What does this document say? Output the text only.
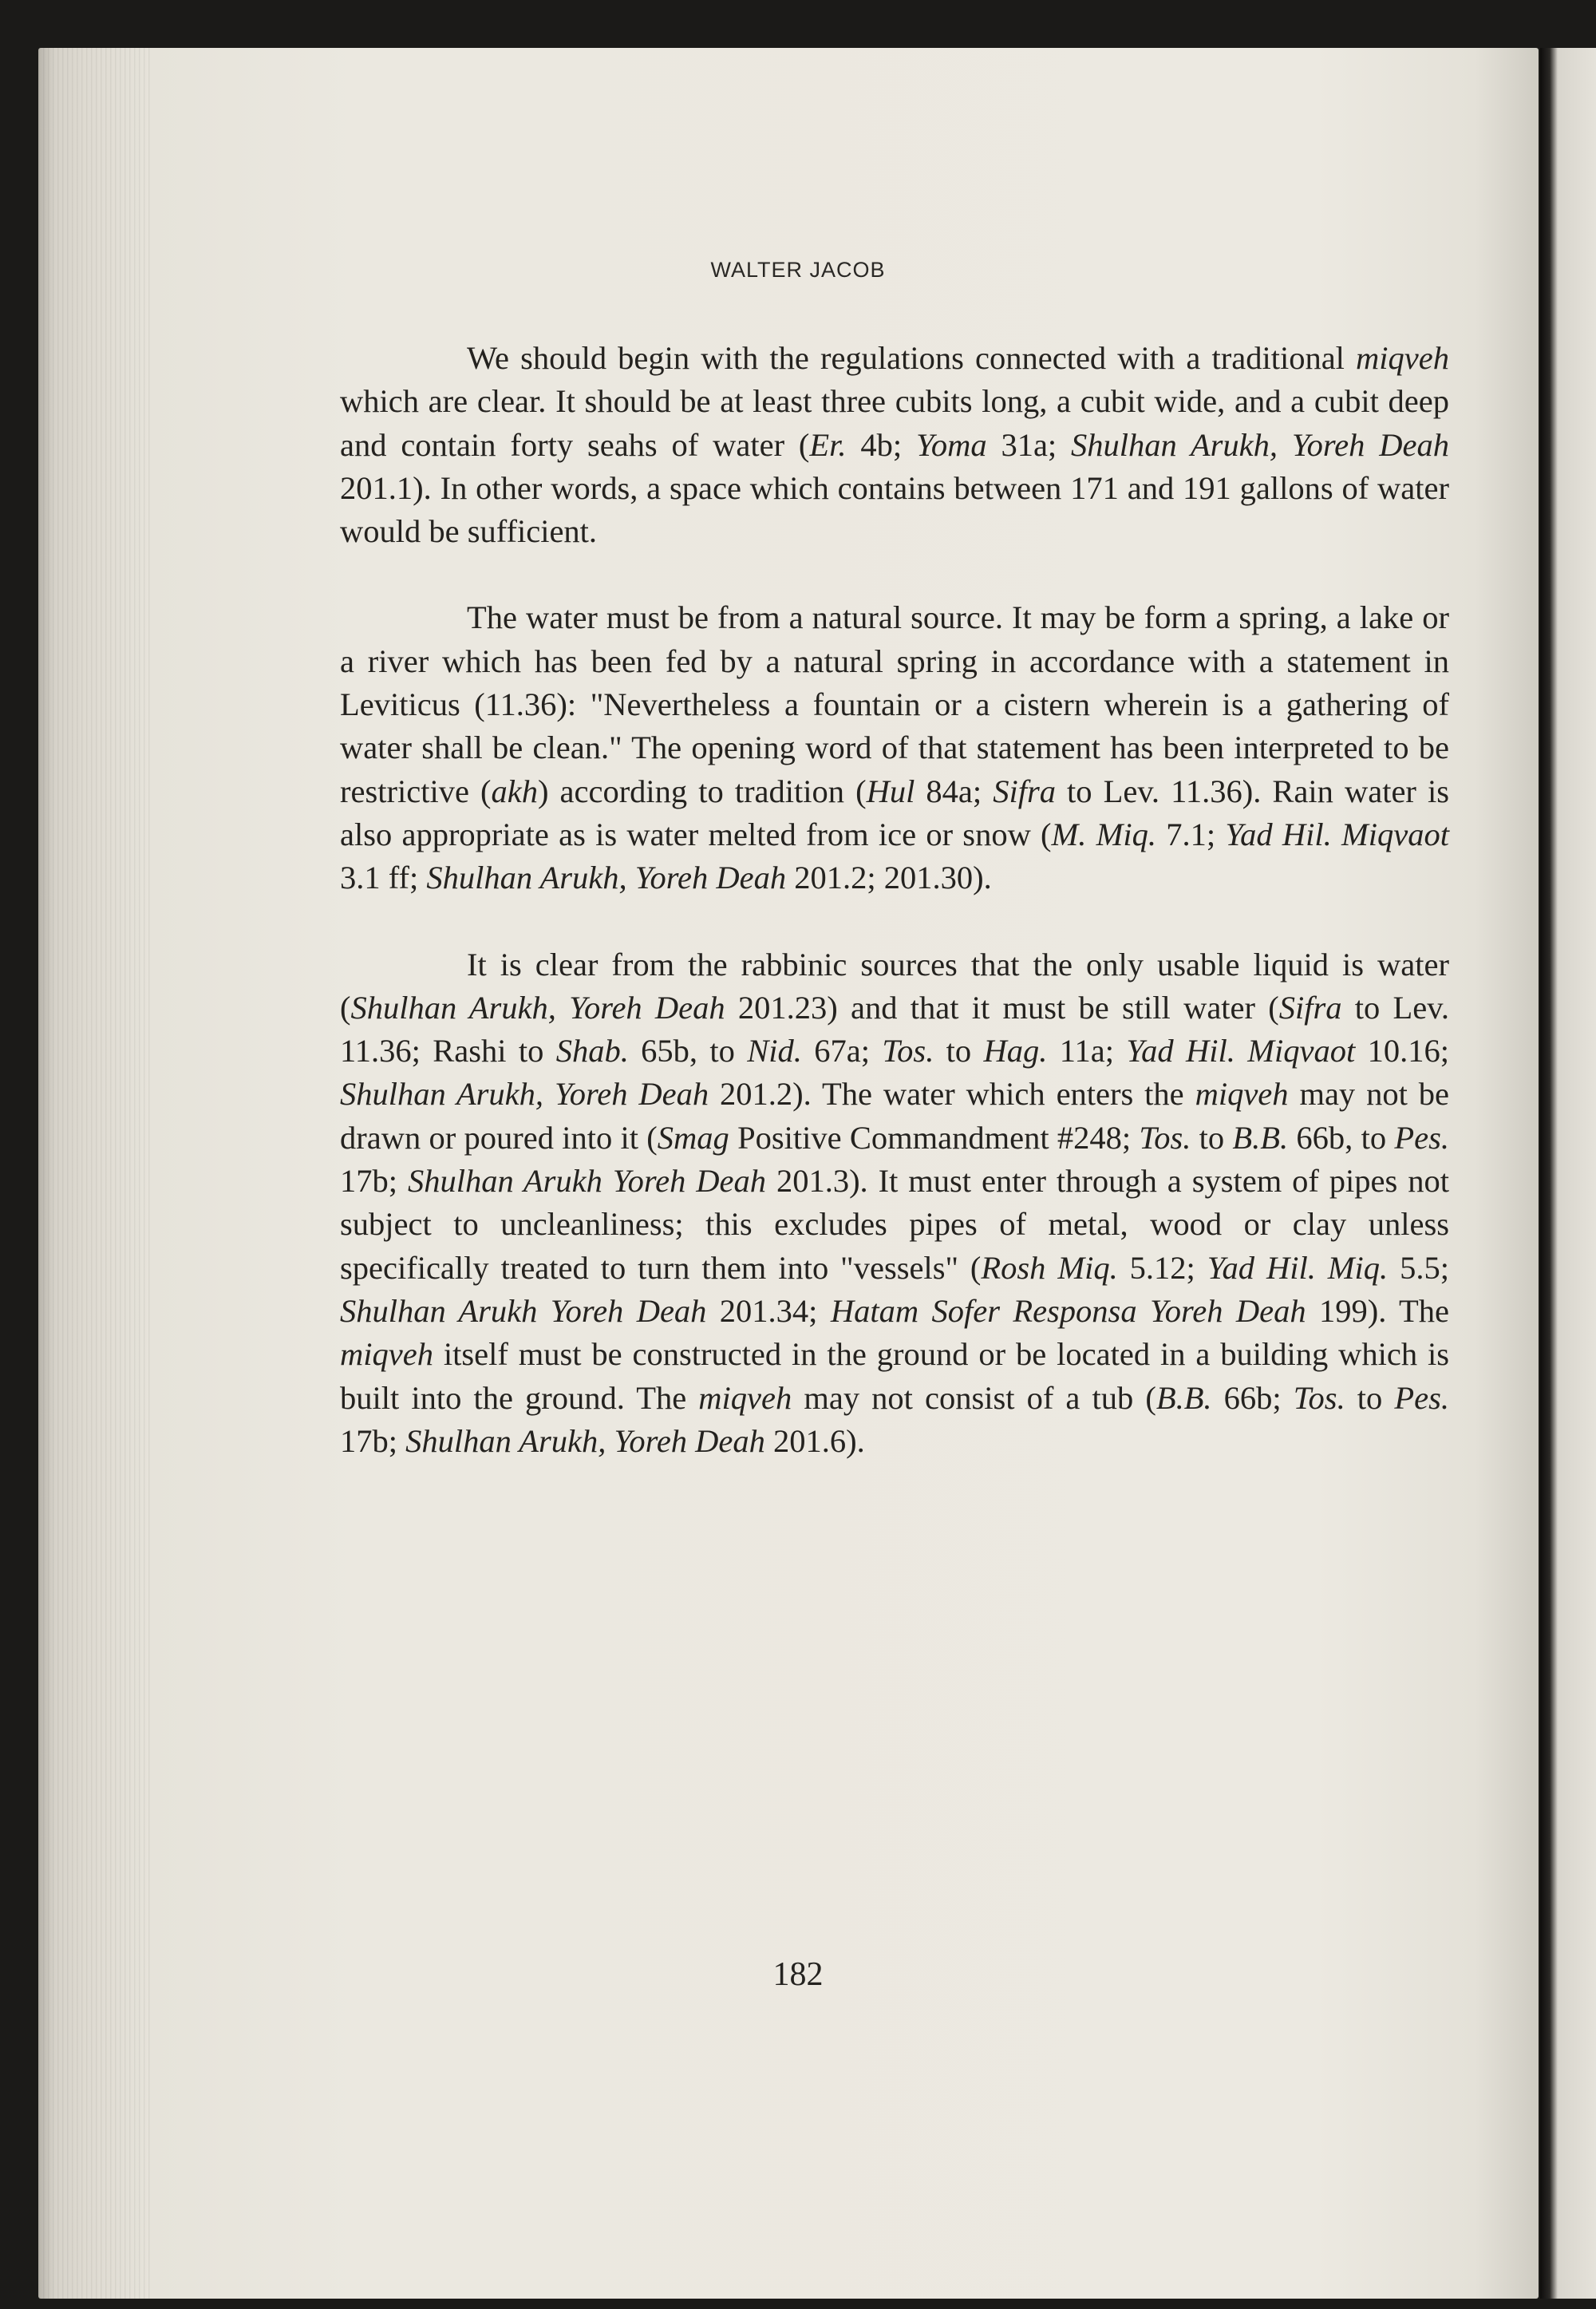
WALTER JACOB

We should begin with the regulations connected with a traditional miqveh which are clear. It should be at least three cubits long, a cubit wide, and a cubit deep and contain forty seahs of water (Er. 4b; Yoma 31a; Shulhan Arukh, Yoreh Deah 201.1). In other words, a space which contains between 171 and 191 gallons of water would be sufficient.

The water must be from a natural source. It may be form a spring, a lake or a river which has been fed by a natural spring in accordance with a statement in Leviticus (11.36): "Nevertheless a fountain or a cistern wherein is a gathering of water shall be clean." The opening word of that statement has been interpreted to be restrictive (akh) according to tradition (Hul 84a; Sifra to Lev. 11.36). Rain water is also appropriate as is water melted from ice or snow (M. Miq. 7.1; Yad Hil. Miqvaot 3.1 ff; Shulhan Arukh, Yoreh Deah 201.2; 201.30).

It is clear from the rabbinic sources that the only usable liquid is water (Shulhan Arukh, Yoreh Deah 201.23) and that it must be still water (Sifra to Lev. 11.36; Rashi to Shab. 65b, to Nid. 67a; Tos. to Hag. 11a; Yad Hil. Miqvaot 10.16; Shulhan Arukh, Yoreh Deah 201.2). The water which enters the miqveh may not be drawn or poured into it (Smag Positive Commandment #248; Tos. to B.B. 66b, to Pes. 17b; Shulhan Arukh Yoreh Deah 201.3). It must enter through a system of pipes not subject to uncleanliness; this excludes pipes of metal, wood or clay unless specifically treated to turn them into "vessels" (Rosh Miq. 5.12; Yad Hil. Miq. 5.5; Shulhan Arukh Yoreh Deah 201.34; Hatam Sofer Responsa Yoreh Deah 199). The miqveh itself must be constructed in the ground or be located in a building which is built into the ground. The miqveh may not consist of a tub (B.B. 66b; Tos. to Pes. 17b; Shulhan Arukh, Yoreh Deah 201.6).

182
